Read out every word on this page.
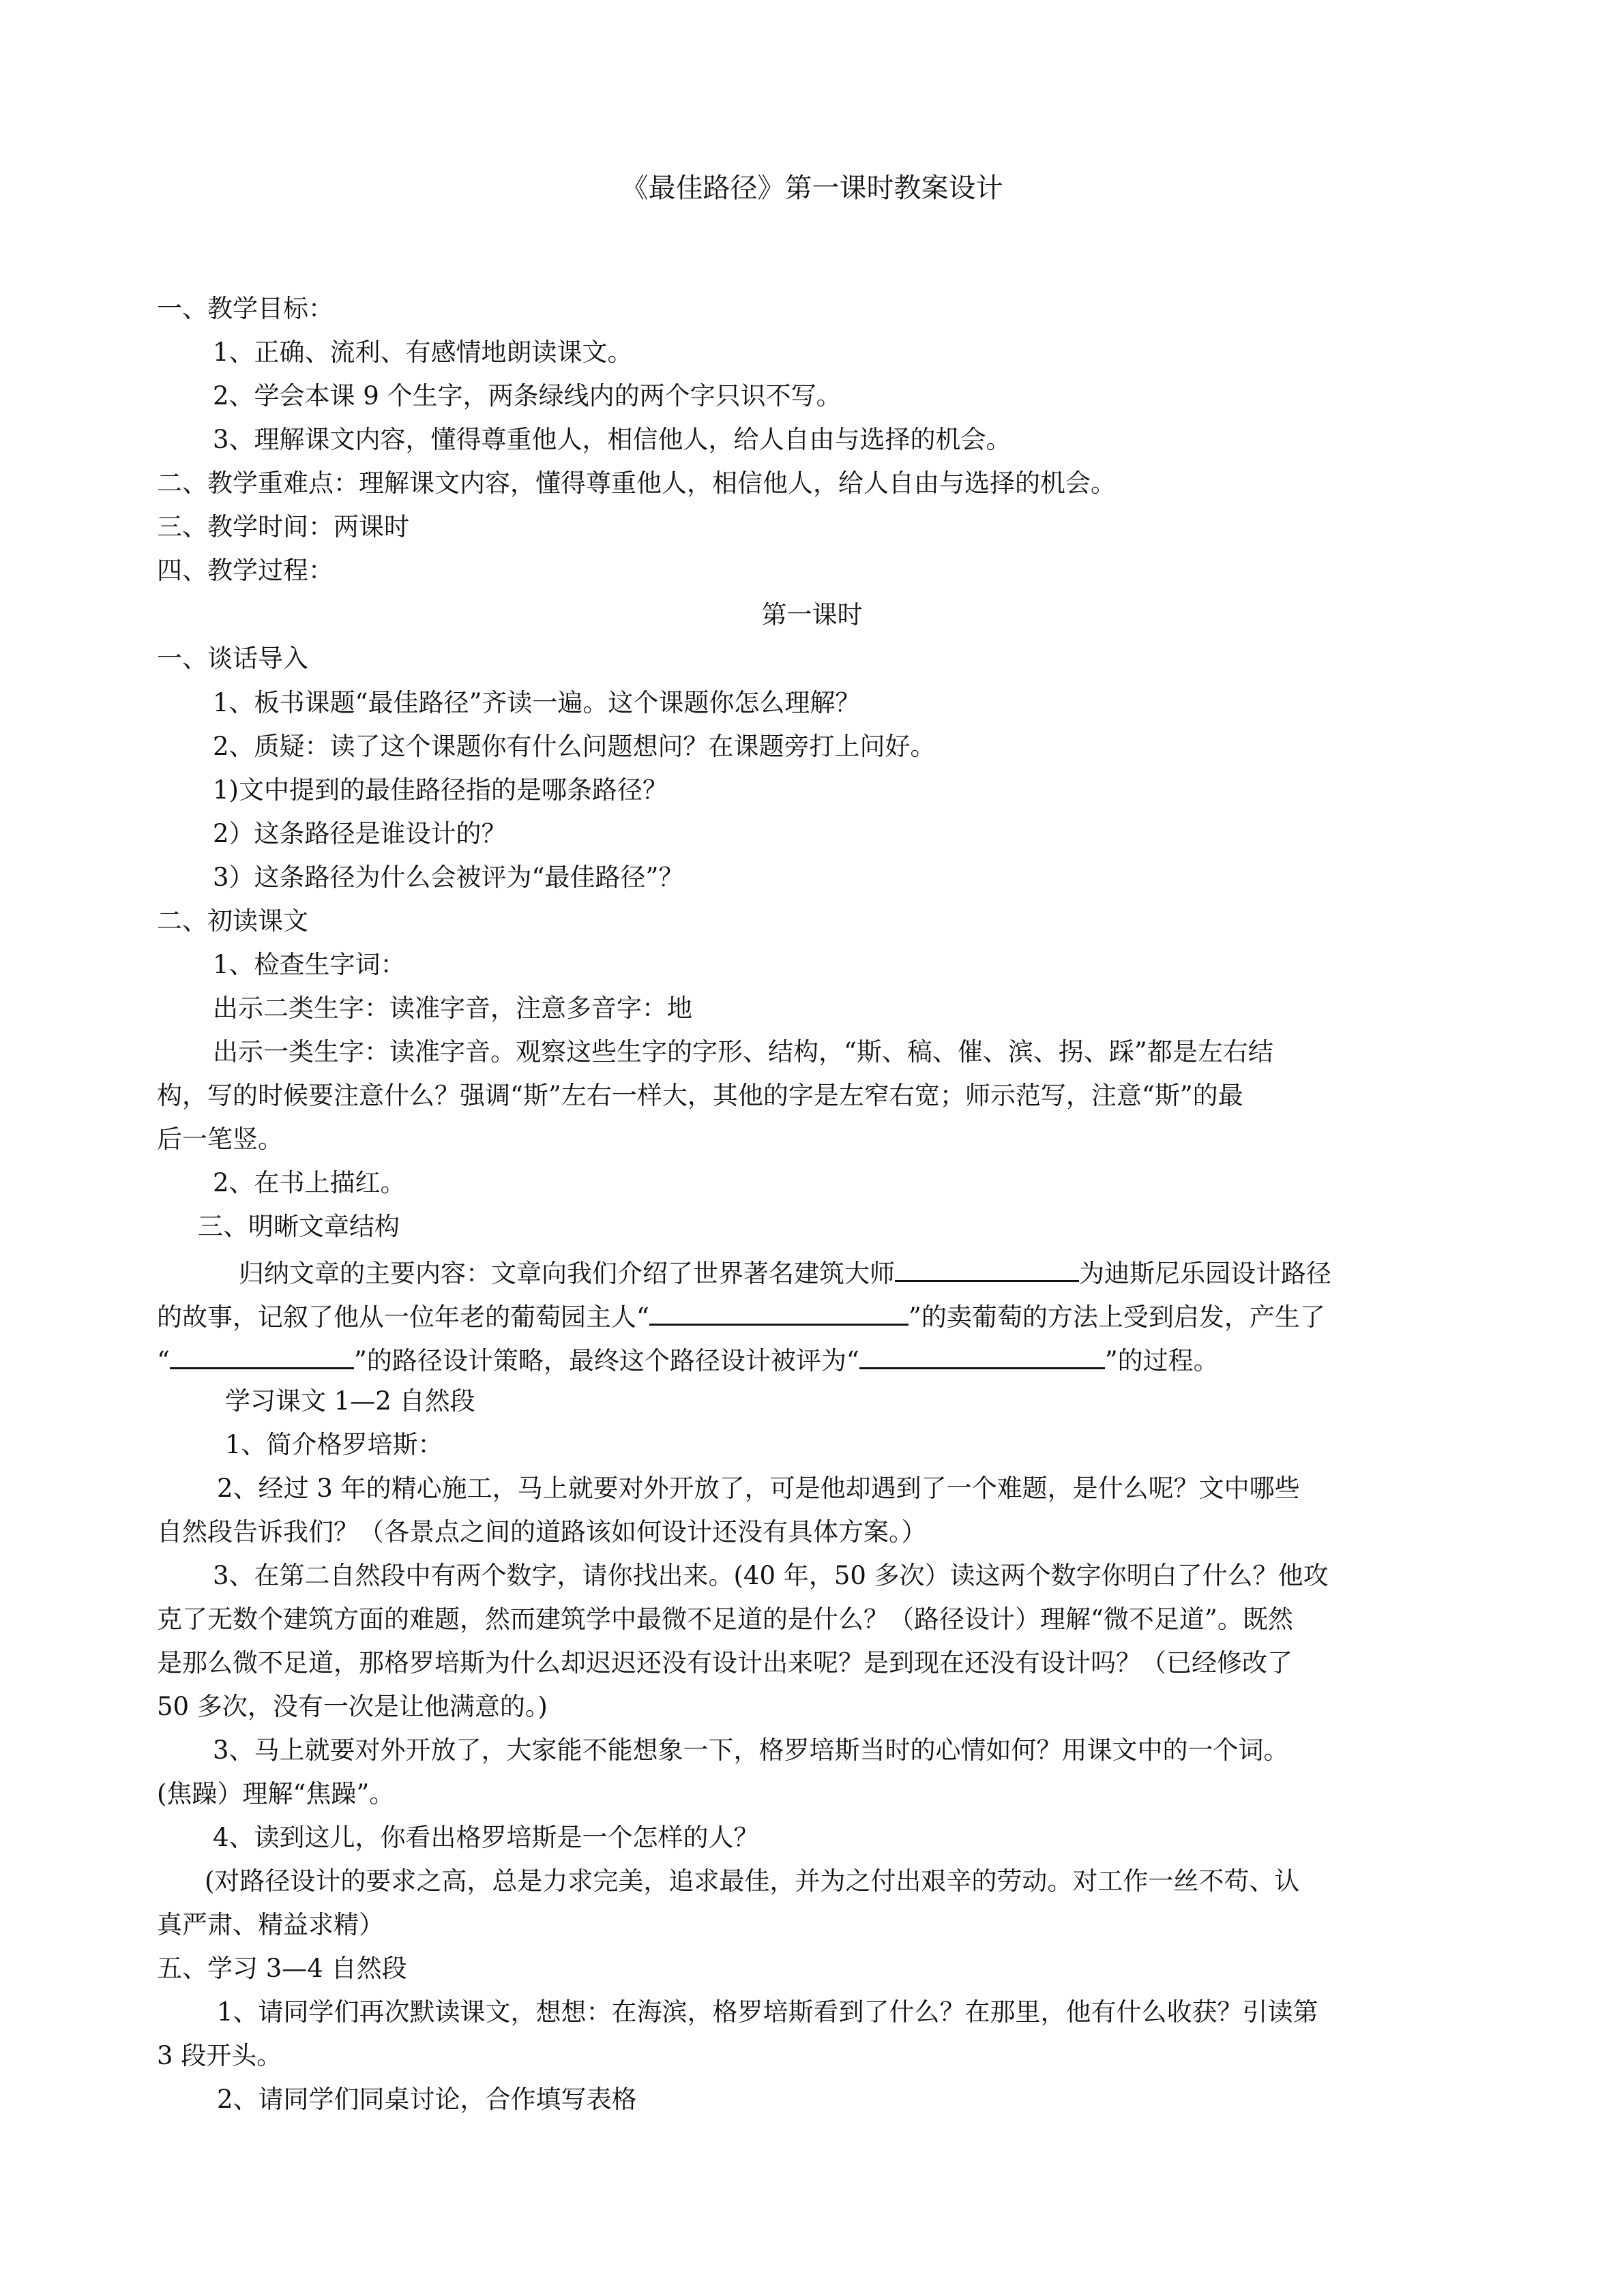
《最佳路径》第一课时教案设计
一、教学目标：
1、正确、流利、有感情地朗读课文。
2、学会本课 9 个生字，两条绿线内的两个字只识不写。
3、理解课文内容，懂得尊重他人，相信他人，给人自由与选择的机会。
二、教学重难点：理解课文内容，懂得尊重他人，相信他人，给人自由与选择的机会。
三、教学时间：两课时
四、教学过程：
第一课时
一、谈话导入
1、板书课题“最佳路径”齐读一遍。这个课题你怎么理解？
2、质疑：读了这个课题你有什么问题想问？在课题旁打上问好。
1)文中提到的最佳路径指的是哪条路径？
2）这条路径是谁设计的？
3）这条路径为什么会被评为“最佳路径”？
二、初读课文
1、检查生字词：
出示二类生字：读准字音，注意多音字：地
出示一类生字：读准字音。观察这些生字的字形、结构，“斯、稿、催、滨、拐、踩”都是左右结
构，写的时候要注意什么？强调“斯”左右一样大，其他的字是左窄右宽；师示范写，注意“斯”的最
后一笔竖。
2、在书上描红。
三、明晰文章结构
归纳文章的主要内容：文章向我们介绍了世界著名建筑大师	为迪斯尼乐园设计路径
的故事，记叙了他从一位年老的葡萄园主人“	”的卖葡萄的方法上受到启发，产生了
“	”的路径设计策略，最终这个路径设计被评为“	”的过程。
学习课文 1—2 自然段
1、简介格罗培斯：
2、经过 3 年的精心施工，马上就要对外开放了，可是他却遇到了一个难题，是什么呢？文中哪些
自然段告诉我们？（各景点之间的道路该如何设计还没有具体方案。）
3、在第二自然段中有两个数字，请你找出来。(40 年，50 多次）读这两个数字你明白了什么？他攻
克了无数个建筑方面的难题，然而建筑学中最微不足道的是什么？（路径设计）理解“微不足道”。既然
是那么微不足道，那格罗培斯为什么却迟迟还没有设计出来呢？是到现在还没有设计吗？（已经修改了
50 多次，没有一次是让他满意的。)
3、马上就要对外开放了，大家能不能想象一下，格罗培斯当时的心情如何？用课文中的一个词。
(焦躁）理解“焦躁”。
4、读到这儿，你看出格罗培斯是一个怎样的人？
(对路径设计的要求之高，总是力求完美，追求最佳，并为之付出艰辛的劳动。对工作一丝不苟、认
真严肃、精益求精）
五、学习 3—4 自然段
1、请同学们再次默读课文，想想：在海滨，格罗培斯看到了什么？在那里，他有什么收获？引读第
3 段开头。
2、请同学们同桌讨论，合作填写表格
